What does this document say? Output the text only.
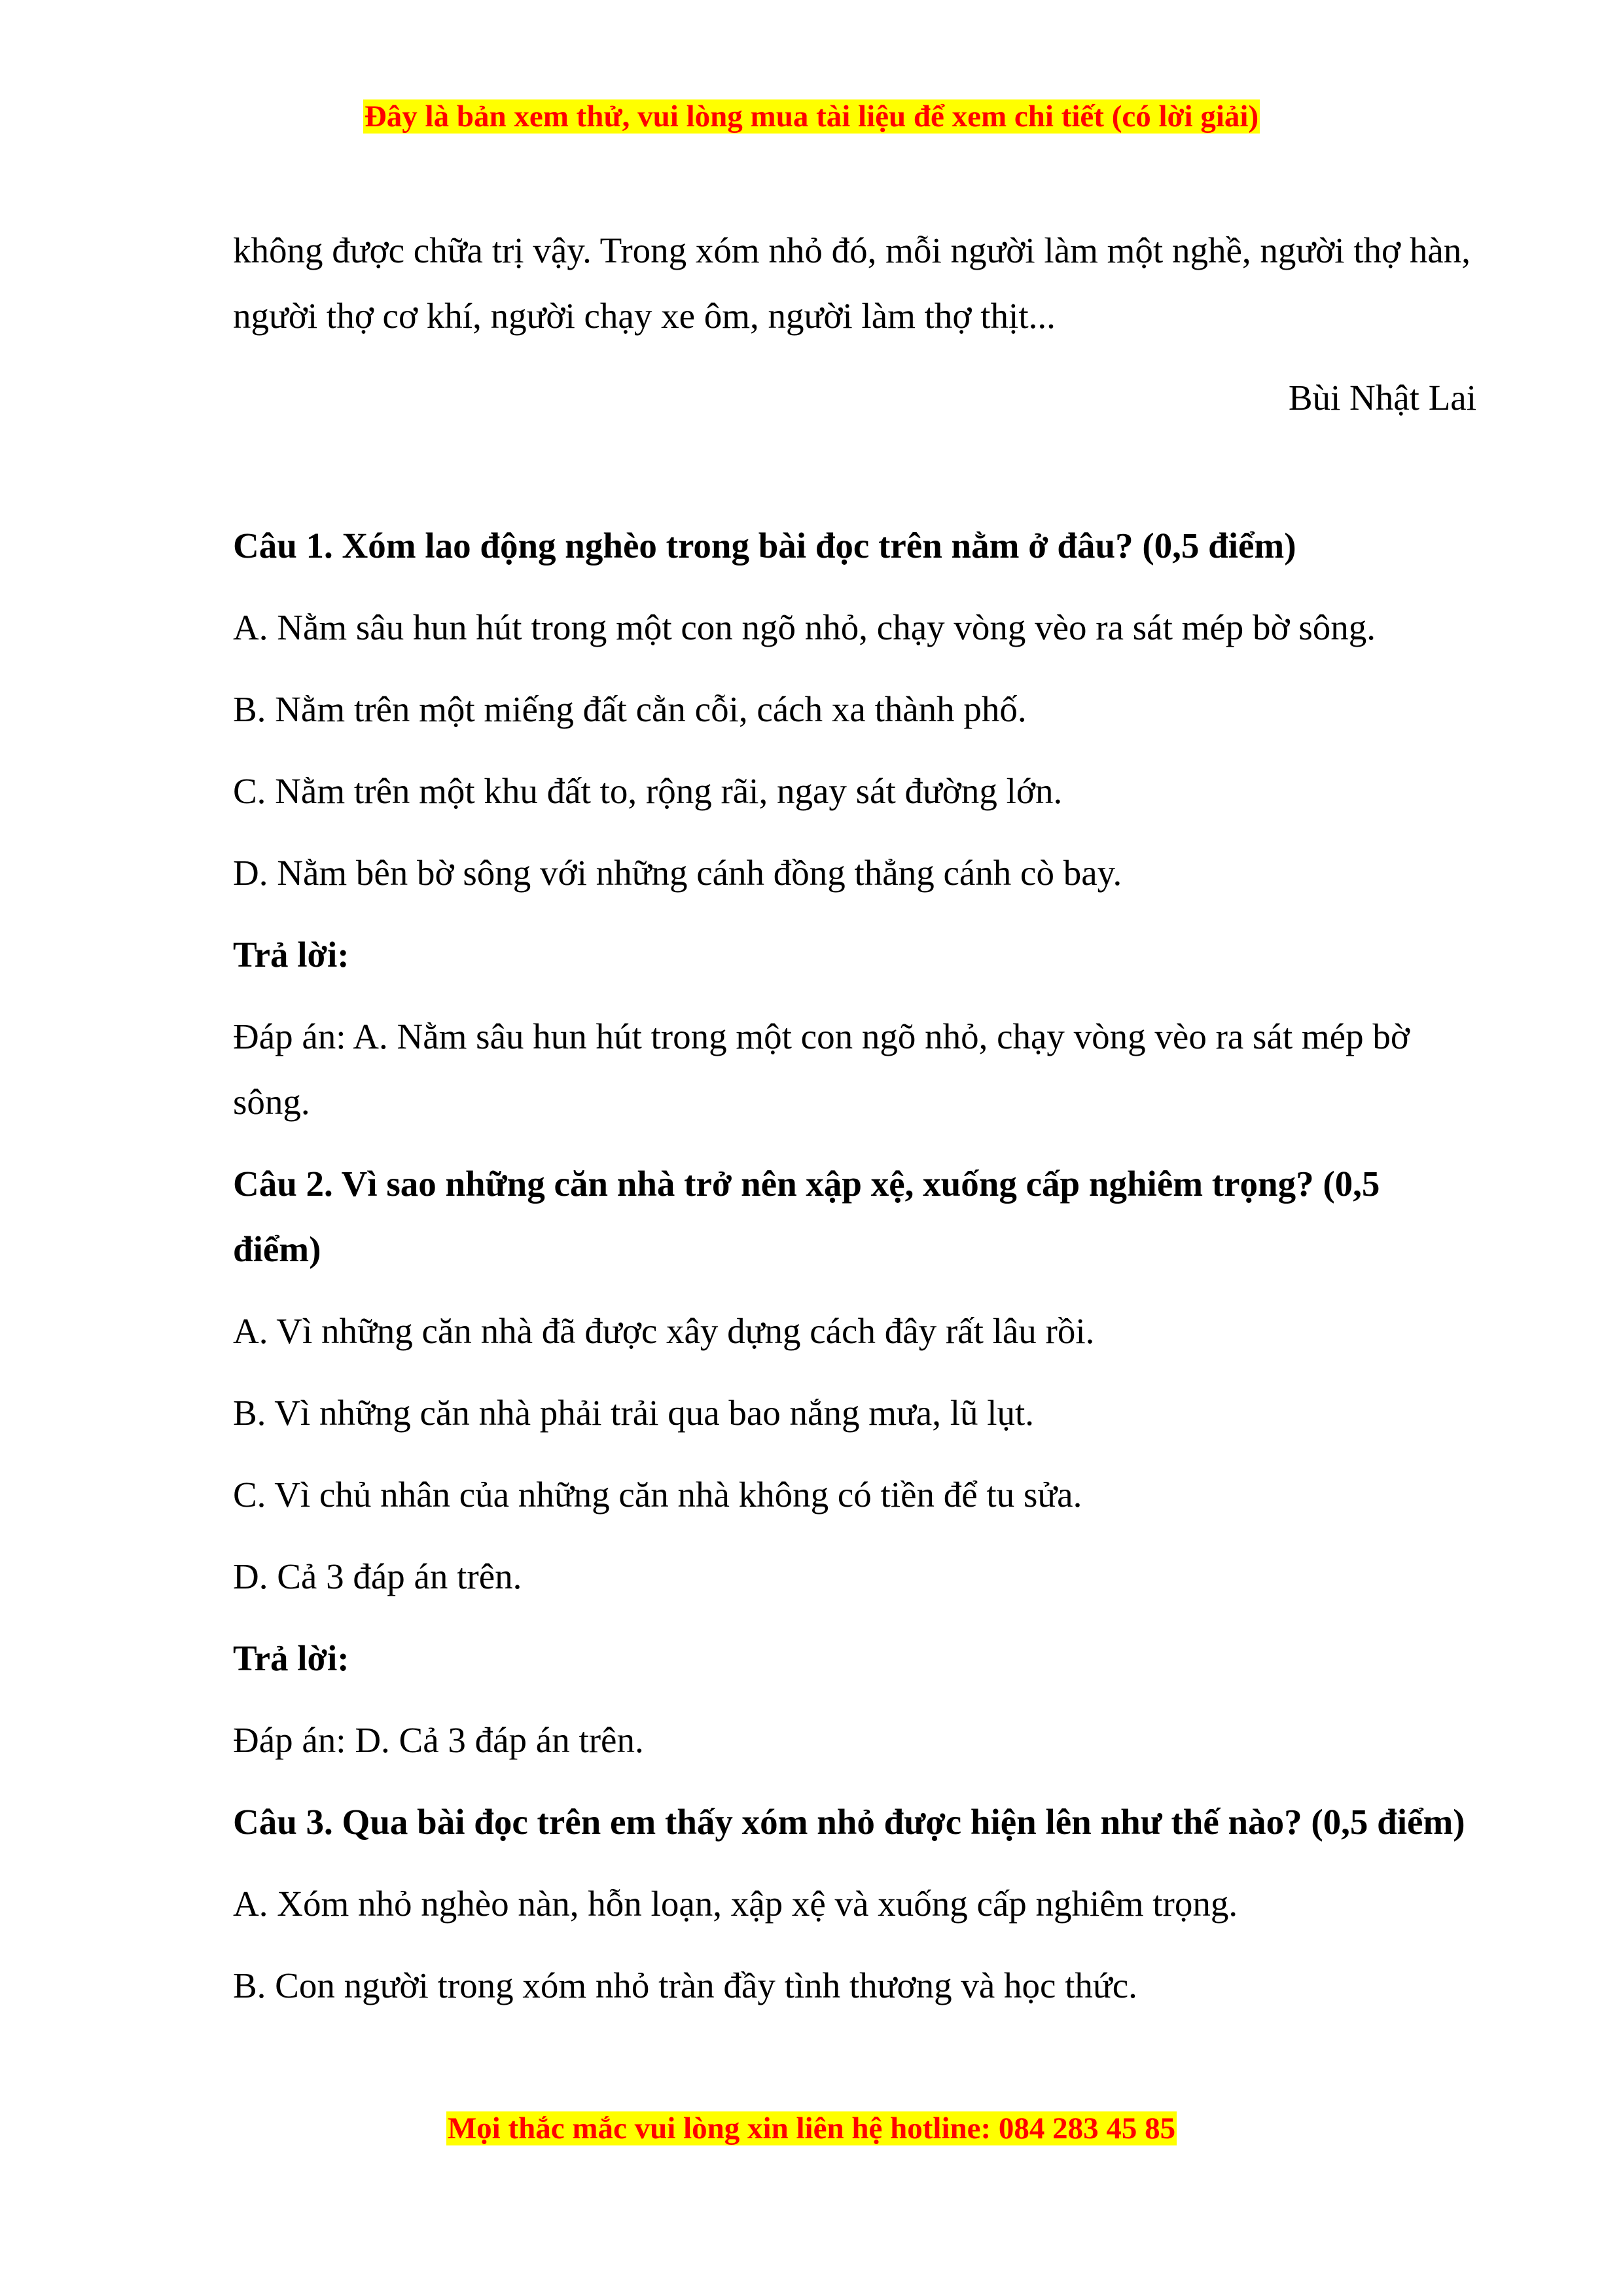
Đây là bản xem thử, vui lòng mua tài liệu để xem chi tiết (có lời giải)

không được chữa trị vậy. Trong xóm nhỏ đó, mỗi người làm một nghề, người thợ hàn, người thợ cơ khí, người chạy xe ôm, người làm thợ thịt...

Bùi Nhật Lai

Câu 1. Xóm lao động nghèo trong bài đọc trên nằm ở đâu? (0,5 điểm)

A. Nằm sâu hun hút trong một con ngõ nhỏ, chạy vòng vèo ra sát mép bờ sông.

B. Nằm trên một miếng đất cằn cỗi, cách xa thành phố.

C. Nằm trên một khu đất to, rộng rãi, ngay sát đường lớn.

D. Nằm bên bờ sông với những cánh đồng thẳng cánh cò bay.

Trả lời:

Đáp án: A. Nằm sâu hun hút trong một con ngõ nhỏ, chạy vòng vèo ra sát mép bờ sông.

Câu 2. Vì sao những căn nhà trở nên xập xệ, xuống cấp nghiêm trọng? (0,5 điểm)

A. Vì những căn nhà đã được xây dựng cách đây rất lâu rồi.

B. Vì những căn nhà phải trải qua bao nắng mưa, lũ lụt.

C. Vì chủ nhân của những căn nhà không có tiền để tu sửa.

D. Cả 3 đáp án trên.

Trả lời:

Đáp án: D. Cả 3 đáp án trên.

Câu 3. Qua bài đọc trên em thấy xóm nhỏ được hiện lên như thế nào? (0,5 điểm)

A. Xóm nhỏ nghèo nàn, hỗn loạn, xập xệ và xuống cấp nghiêm trọng.

B. Con người trong xóm nhỏ tràn đầy tình thương và học thức.

Mọi thắc mắc vui lòng xin liên hệ hotline: 084 283 45 85
